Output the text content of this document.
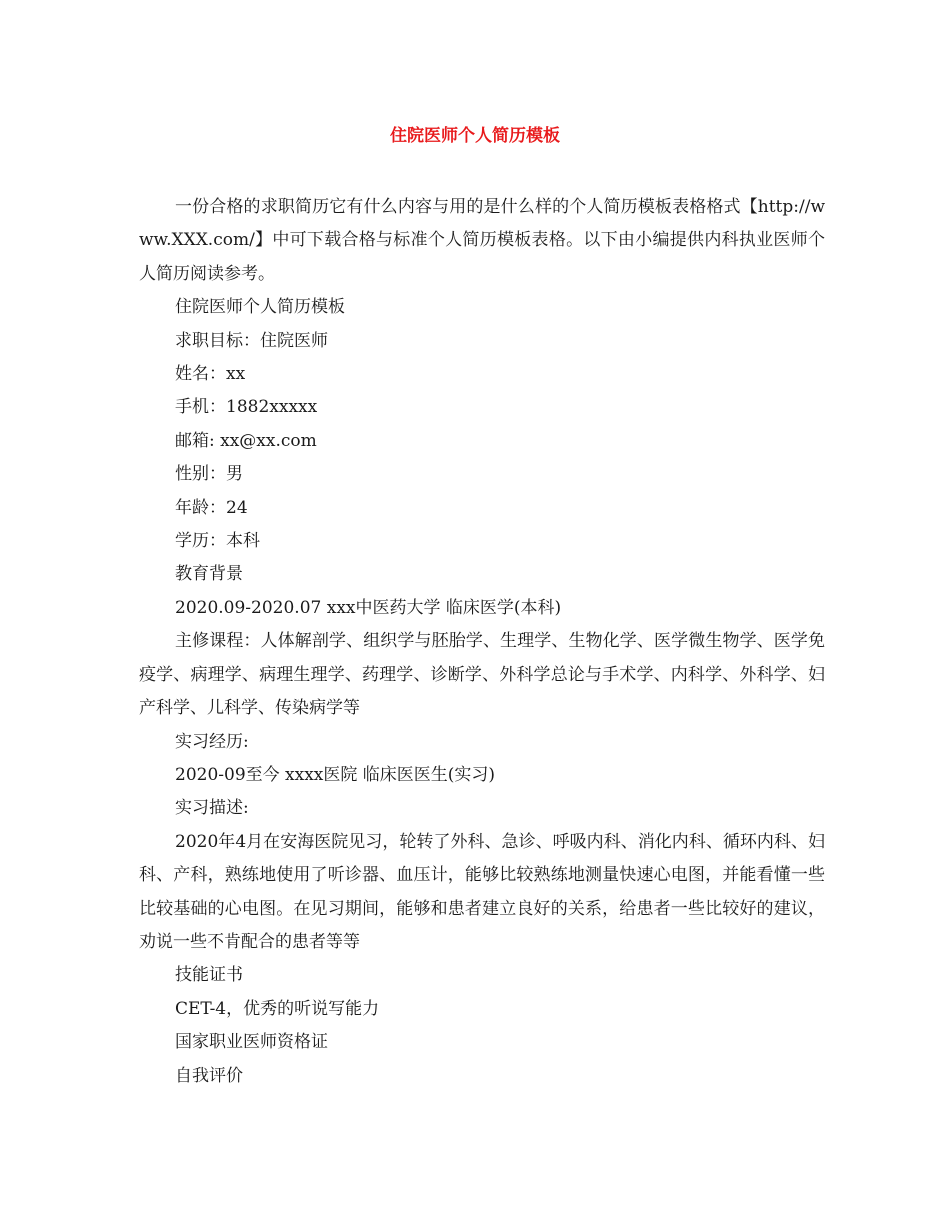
住院医师个人简历模板

一份合格的求职简历它有什么内容与用的是什么样的个人简历模板表格格式【http://www.XXX.com/】中可下载合格与标准个人简历模板表格。以下由小编提供内科执业医师个人简历阅读参考。

住院医师个人简历模板

求职目标：住院医师

姓名：xx

手机：1882xxxxx

邮箱: xx@xx.com

性别：男

年龄：24

学历：本科

教育背景

2020.09-2020.07 xxx中医药大学 临床医学(本科)

主修课程：人体解剖学、组织学与胚胎学、生理学、生物化学、医学微生物学、医学免疫学、病理学、病理生理学、药理学、诊断学、外科学总论与手术学、内科学、外科学、妇产科学、儿科学、传染病学等

实习经历:

2020-09至今 xxxx医院 临床医医生(实习)

实习描述:

2020年4月在安海医院见习，轮转了外科、急诊、呼吸内科、消化内科、循环内科、妇科、产科，熟练地使用了听诊器、血压计，能够比较熟练地测量快速心电图，并能看懂一些比较基础的心电图。在见习期间，能够和患者建立良好的关系，给患者一些比较好的建议，劝说一些不肯配合的患者等等

技能证书

CET-4，优秀的听说写能力

国家职业医师资格证

自我评价
